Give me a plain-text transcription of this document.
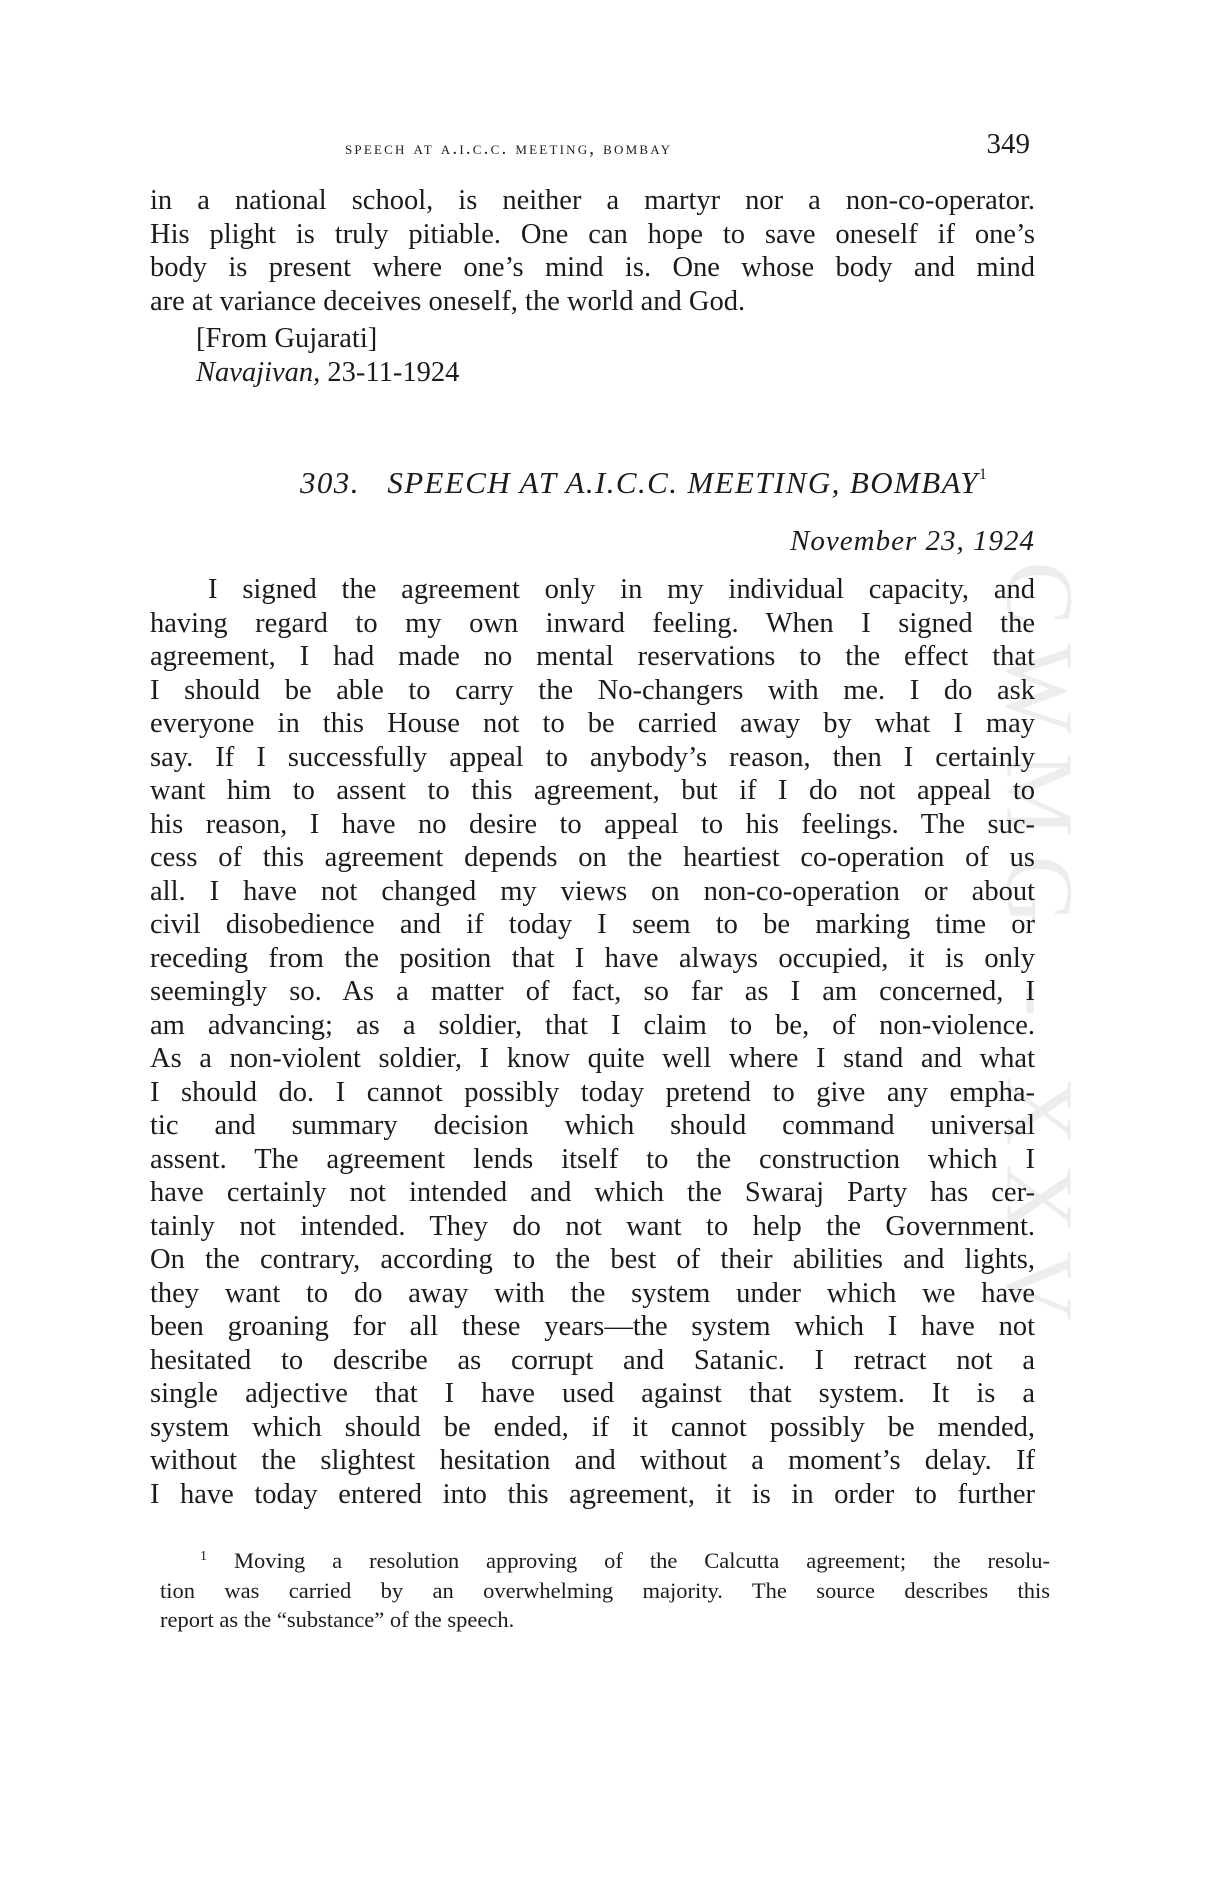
speech at a.i.c.c. meeting, bombay	349
in a national school, is neither a martyr nor a non-co-operator.
His plight is truly pitiable. One can hope to save oneself if one’s
body is present where one’s mind is. One whose body and mind
are at variance deceives oneself, the world and God.
[From Gujarati]
Navajivan, 23-11-1924
303. SPEECH AT A.I.C.C. MEETING, BOMBAY$^1$
November 23, 1924
I signed the agreement only in my individual capacity, and
having regard to my own inward feeling. When I signed the
agreement, I had made no mental reservations to the effect that
I should be able to carry the No-changers with me. I do ask
everyone in this House not to be carried away by what I may
say. If I successfully appeal to anybody’s reason, then I certainly
want him to assent to this agreement, but if I do not appeal to
his reason, I have no desire to appeal to his feelings. The suc-
cess of this agreement depends on the heartiest co-operation of us
all. I have not changed my views on non-co-operation or about
civil disobedience and if today I seem to be marking time or
receding from the position that I have always occupied, it is only
seemingly so. As a matter of fact, so far as I am concerned, I
am advancing; as a soldier, that I claim to be, of non-violence.
As a non-violent soldier, I know quite well where I stand and what
I should do. I cannot possibly today pretend to give any empha-
tic and summary decision which should command universal
assent. The agreement lends itself to the construction which I
have certainly not intended and which the Swaraj Party has cer-
tainly not intended. They do not want to help the Government.
On the contrary, according to the best of their abilities and lights,
they want to do away with the system under which we have
been groaning for all these years—the system which I have not
hesitated to describe as corrupt and Satanic. I retract not a
single adjective that I have used against that system. It is a
system which should be ended, if it cannot possibly be mended,
without the slightest hesitation and without a moment’s delay. If
I have today entered into this agreement, it is in order to further
$^1$ Moving a resolution approving of the Calcutta agreement; the resolu-
tion was carried by an overwhelming majority. The source describes this
report as the “substance” of the speech.
CWMG - XXV
